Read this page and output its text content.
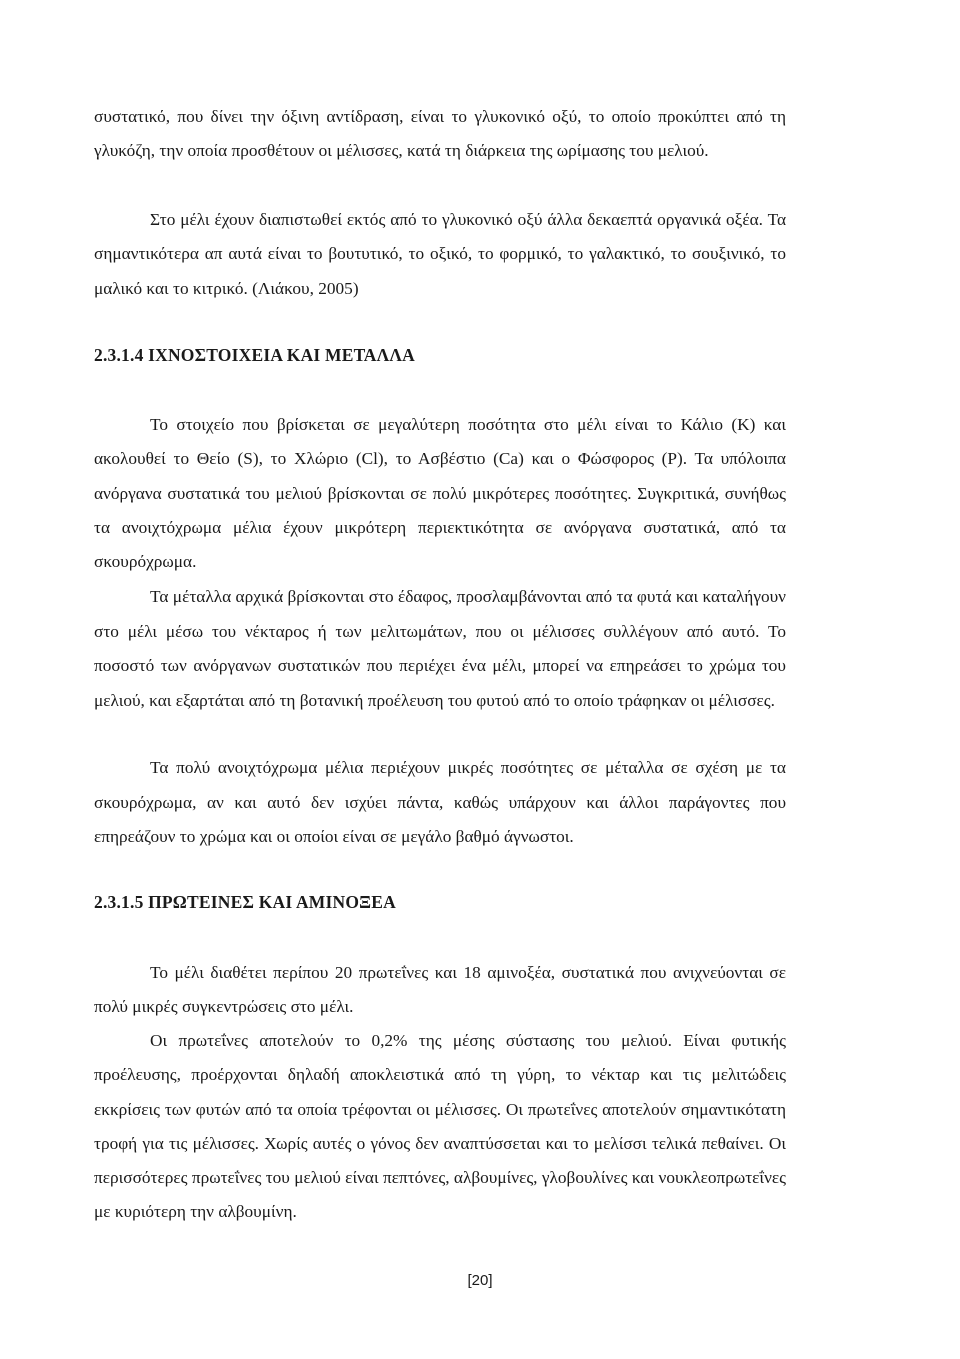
συστατικό, που δίνει την όξινη αντίδραση, είναι το γλυκονικό οξύ, το οποίο προκύπτει από τη γλυκόζη, την οποία προσθέτουν οι μέλισσες, κατά τη διάρκεια της ωρίμασης του μελιού.

Στο μέλι έχουν διαπιστωθεί εκτός από το γλυκονικό οξύ άλλα δεκαεπτά οργανικά οξέα. Τα σημαντικότερα απ αυτά είναι το βουτυτικό, το οξικό, το φορμικό, το γαλακτικό, το σουξινικό, το μαλικό και το κιτρικό. (Λιάκου, 2005)

2.3.1.4 ΙΧΝΟΣΤΟΙΧΕΙΑ ΚΑΙ ΜΕΤΑΛΛΑ

Το στοιχείο που βρίσκεται σε μεγαλύτερη ποσότητα στο μέλι είναι το Κάλιο (Κ) και ακολουθεί το Θείο (S), το Χλώριο (Cl), το Ασβέστιο (Ca) και ο Φώσφορος (P). Τα υπόλοιπα ανόργανα συστατικά του μελιού βρίσκονται σε πολύ μικρότερες ποσότητες. Συγκριτικά, συνήθως τα ανοιχτόχρωμα μέλια έχουν μικρότερη περιεκτικότητα σε ανόργανα συστατικά, από τα σκουρόχρωμα.

Τα μέταλλα αρχικά βρίσκονται στο έδαφος, προσλαμβάνονται από τα φυτά και καταλήγουν στο μέλι μέσω του νέκταρος ή των μελιτωμάτων, που οι μέλισσες συλλέγουν από αυτό. Το ποσοστό των ανόργανων συστατικών που περιέχει ένα μέλι, μπορεί να επηρεάσει το χρώμα του μελιού, και εξαρτάται από τη βοτανική προέλευση του φυτού από το οποίο τράφηκαν οι μέλισσες.

Τα πολύ ανοιχτόχρωμα μέλια περιέχουν μικρές ποσότητες σε μέταλλα σε σχέση με τα σκουρόχρωμα, αν και αυτό δεν ισχύει πάντα, καθώς υπάρχουν και άλλοι παράγοντες που επηρεάζουν το χρώμα και οι οποίοι είναι σε μεγάλο βαθμό άγνωστοι.

2.3.1.5 ΠΡΩΤΕΙΝΕΣ ΚΑΙ ΑΜΙΝΟΞΕΑ

Το μέλι διαθέτει περίπου 20 πρωτεΐνες και 18 αμινοξέα, συστατικά που ανιχνεύονται σε πολύ μικρές συγκεντρώσεις στο μέλι.

Οι πρωτεΐνες αποτελούν το 0,2% της μέσης σύστασης του μελιού. Είναι φυτικής προέλευσης, προέρχονται δηλαδή αποκλειστικά από τη γύρη, το νέκταρ και τις μελιτώδεις εκκρίσεις των φυτών από τα οποία τρέφονται οι μέλισσες. Οι πρωτεΐνες αποτελούν σημαντικότατη τροφή για τις μέλισσες. Χωρίς αυτές ο γόνος δεν αναπτύσσεται και το μελίσσι τελικά πεθαίνει. Οι περισσότερες πρωτεΐνες του μελιού είναι πεπτόνες, αλβουμίνες, γλοβουλίνες και νουκλεοπρωτεΐνες με κυριότερη την αλβουμίνη.

[20]
